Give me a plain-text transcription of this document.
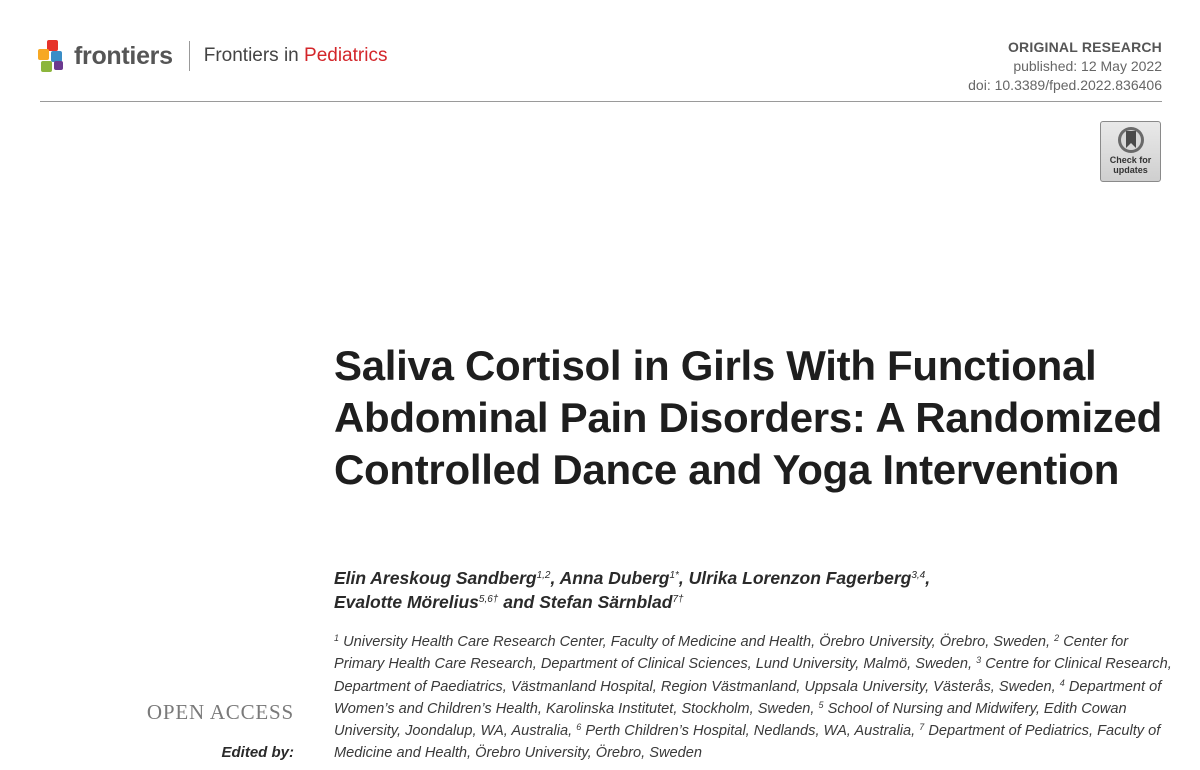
frontiers Frontiers in Pediatrics	ORIGINAL RESEARCH
published: 12 May 2022
doi: 10.3389/fped.2022.836406
Check for
updates
Saliva Cortisol in Girls With Functional Abdominal Pain Disorders: A Randomized Controlled Dance and Yoga Intervention
Elin Areskoug Sandberg$^{1,2}$, Anna Duberg$^{1*}$, Ulrika Lorenzon Fagerberg$^{3,4}$,
Evalotte Mörelius$^{5,6\dagger}$ and Stefan Särnblad$^{7\dagger}$
$^1$ University Health Care Research Center, Faculty of Medicine and Health, Örebro University, Örebro, Sweden, $^2$ Center for Primary Health Care Research, Department of Clinical Sciences, Lund University, Malmö, Sweden, $^3$ Centre for Clinical Research, Department of Paediatrics, Västmanland Hospital, Region Västmanland, Uppsala University, Västerås, Sweden, $^4$ Department of Women’s and Children’s Health, Karolinska Institutet, Stockholm, Sweden, $^5$ School of Nursing and Midwifery, Edith Cowan University, Joondalup, WA, Australia, $^6$ Perth Children’s Hospital, Nedlands, WA, Australia, $^7$ Department of Pediatrics, Faculty of Medicine and Health, Örebro University, Örebro, Sweden
OPEN ACCESS
Edited by:
